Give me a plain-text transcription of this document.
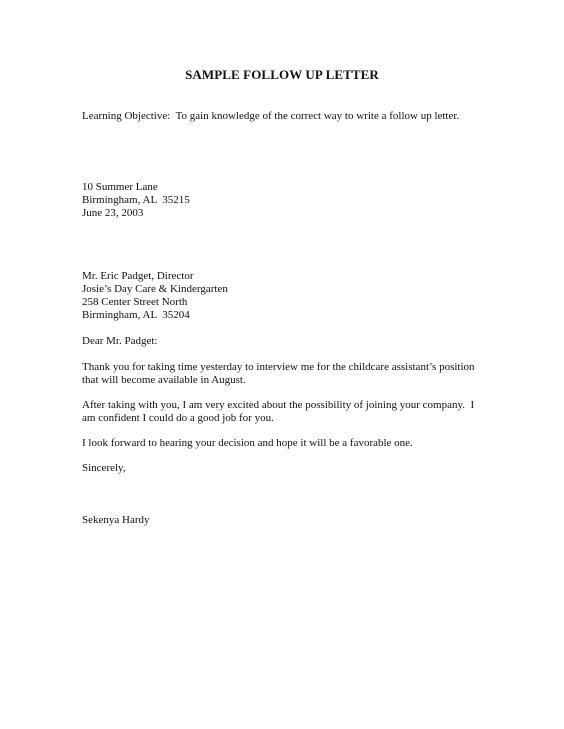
SAMPLE FOLLOW UP LETTER
Learning Objective:  To gain knowledge of the correct way to write a follow up letter.
10 Summer Lane
Birmingham, AL  35215
June 23, 2003
Mr. Eric Padget, Director
Josie’s Day Care & Kindergarten
258 Center Street North
Birmingham, AL  35204
Dear Mr. Padget:
Thank you for taking time yesterday to interview me for the childcare assistant’s position
that will become available in August.
After taking with you, I am very excited about the possibility of joining your company.  I
am confident I could do a good job for you.
I look forward to hearing your decision and hope it will be a favorable one.
Sincerely,
Sekenya Hardy
